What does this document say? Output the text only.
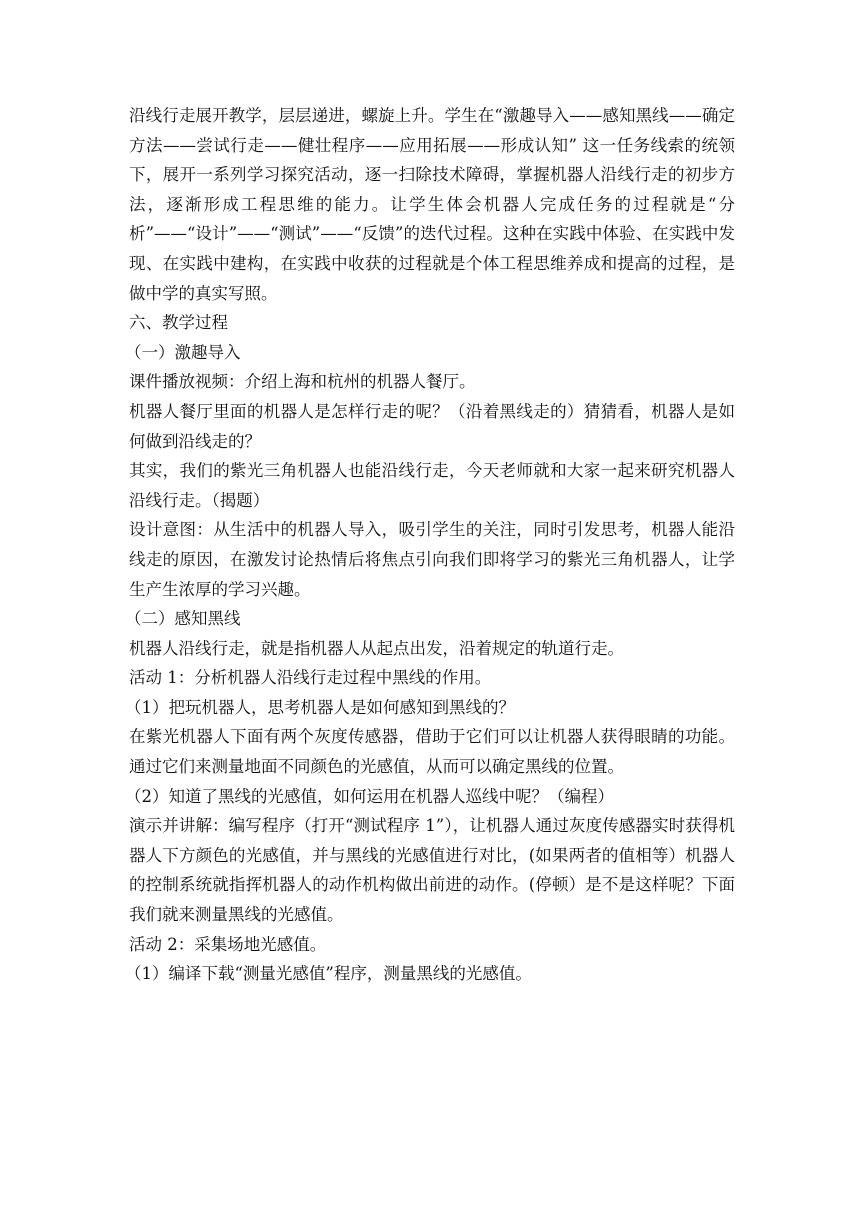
沿线行走展开教学，层层递进，螺旋上升。学生在“激趣导入——感知黑线——确定方法——尝试行走——健壮程序——应用拓展——形成认知” 这一任务线索的统领下，展开一系列学习探究活动，逐一扫除技术障碍，掌握机器人沿线行走的初步方法，逐渐形成工程思维的能力。让学生体会机器人完成任务的过程就是“分析”——“设计”——“测试”——“反馈”的迭代过程。这种在实践中体验、在实践中发现、在实践中建构，在实践中收获的过程就是个体工程思维养成和提高的过程，是做中学的真实写照。

六、教学过程

（一）激趣导入

课件播放视频：介绍上海和杭州的机器人餐厅。

机器人餐厅里面的机器人是怎样行走的呢？（沿着黑线走的）猜猜看，机器人是如何做到沿线走的？

其实，我们的紫光三角机器人也能沿线行走，今天老师就和大家一起来研究机器人沿线行走。（揭题）

设计意图：从生活中的机器人导入，吸引学生的关注，同时引发思考，机器人能沿线走的原因，在激发讨论热情后将焦点引向我们即将学习的紫光三角机器人，让学生产生浓厚的学习兴趣。

（二）感知黑线

机器人沿线行走，就是指机器人从起点出发，沿着规定的轨道行走。

活动 1：分析机器人沿线行走过程中黑线的作用。

（1）把玩机器人，思考机器人是如何感知到黑线的？

在紫光机器人下面有两个灰度传感器，借助于它们可以让机器人获得眼睛的功能。通过它们来测量地面不同颜色的光感值，从而可以确定黑线的位置。

（2）知道了黑线的光感值，如何运用在机器人巡线中呢？（编程）

演示并讲解：编写程序（打开“测试程序 1”），让机器人通过灰度传感器实时获得机器人下方颜色的光感值，并与黑线的光感值进行对比，(如果两者的值相等）机器人的控制系统就指挥机器人的动作机构做出前进的动作。(停顿）是不是这样呢？下面我们就来测量黑线的光感值。

活动 2：采集场地光感值。

（1）编译下载“测量光感值”程序，测量黑线的光感值。
